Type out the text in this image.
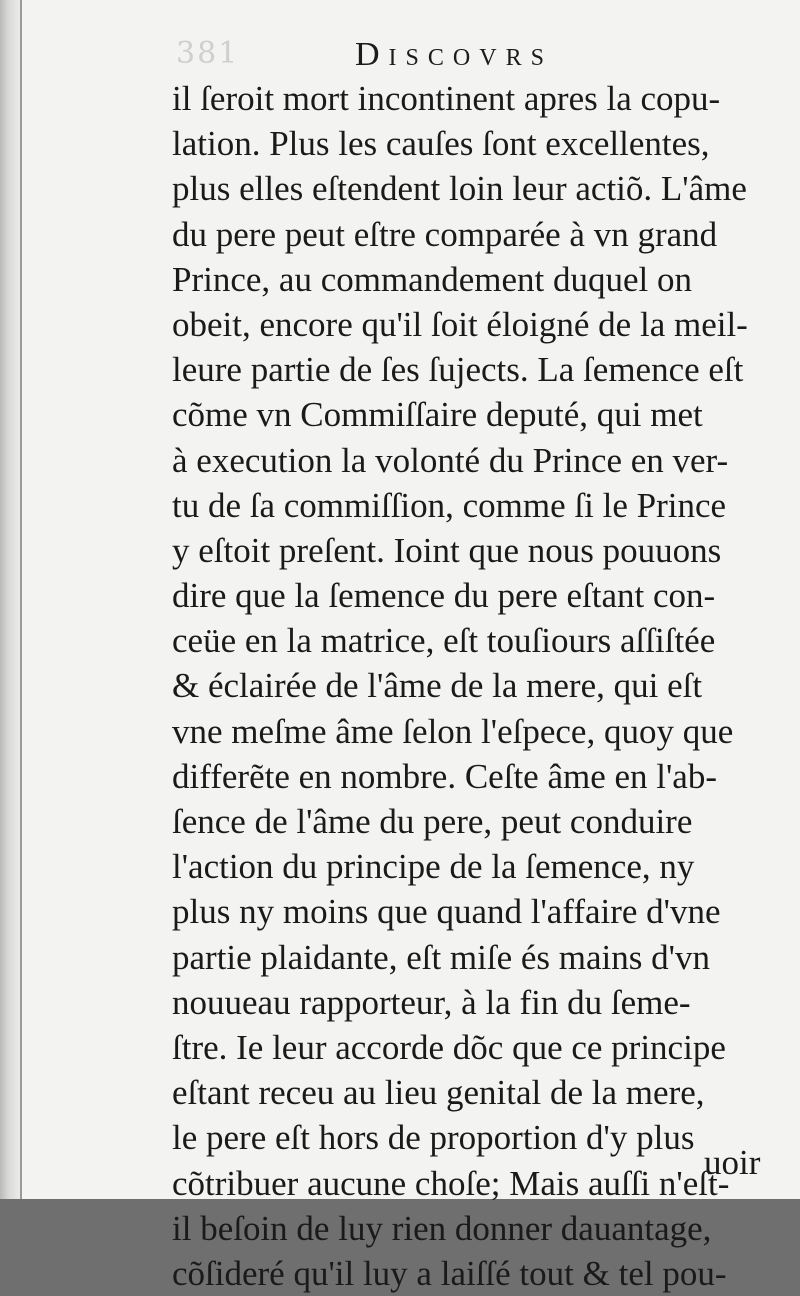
381	Discovrs
il ſeroit mort incontinent apres la copu-
lation. Plus les cauſes ſont excellentes,
plus elles eſtendent loin leur actiõ. L'âme
du pere peut eſtre comparée à vn grand
Prince, au commandement duquel on
obeit, encore qu'il ſoit éloigné de la meil-
leure partie de ſes ſujects. La ſemence eſt
cõme vn Commiſſaire deputé, qui met
à execution la volonté du Prince en ver-
tu de ſa commiſſion, comme ſi le Prince
y eſtoit preſent. Ioint que nous pouuons
dire que la ſemence du pere eſtant con-
ceüe en la matrice, eſt touſiours aſſiſtée
& éclairée de l'âme de la mere, qui eſt
vne meſme âme ſelon l'eſpece, quoy que
differẽte en nombre. Ceſte âme en l'ab-
ſence de l'âme du pere, peut conduire
l'action du principe de la ſemence, ny
plus ny moins que quand l'affaire d'vne
partie plaidante, eſt miſe és mains d'vn
nouueau rapporteur, à la fin du ſeme-
ſtre. Ie leur accorde dõc que ce principe
eſtant receu au lieu genital de la mere,
le pere eſt hors de proportion d'y plus
cõtribuer aucune choſe; Mais auſſi n'eſt-
il beſoin de luy rien donner dauantage,
cõſideré qu'il luy a laiſſé tout & tel pou-
uoir
